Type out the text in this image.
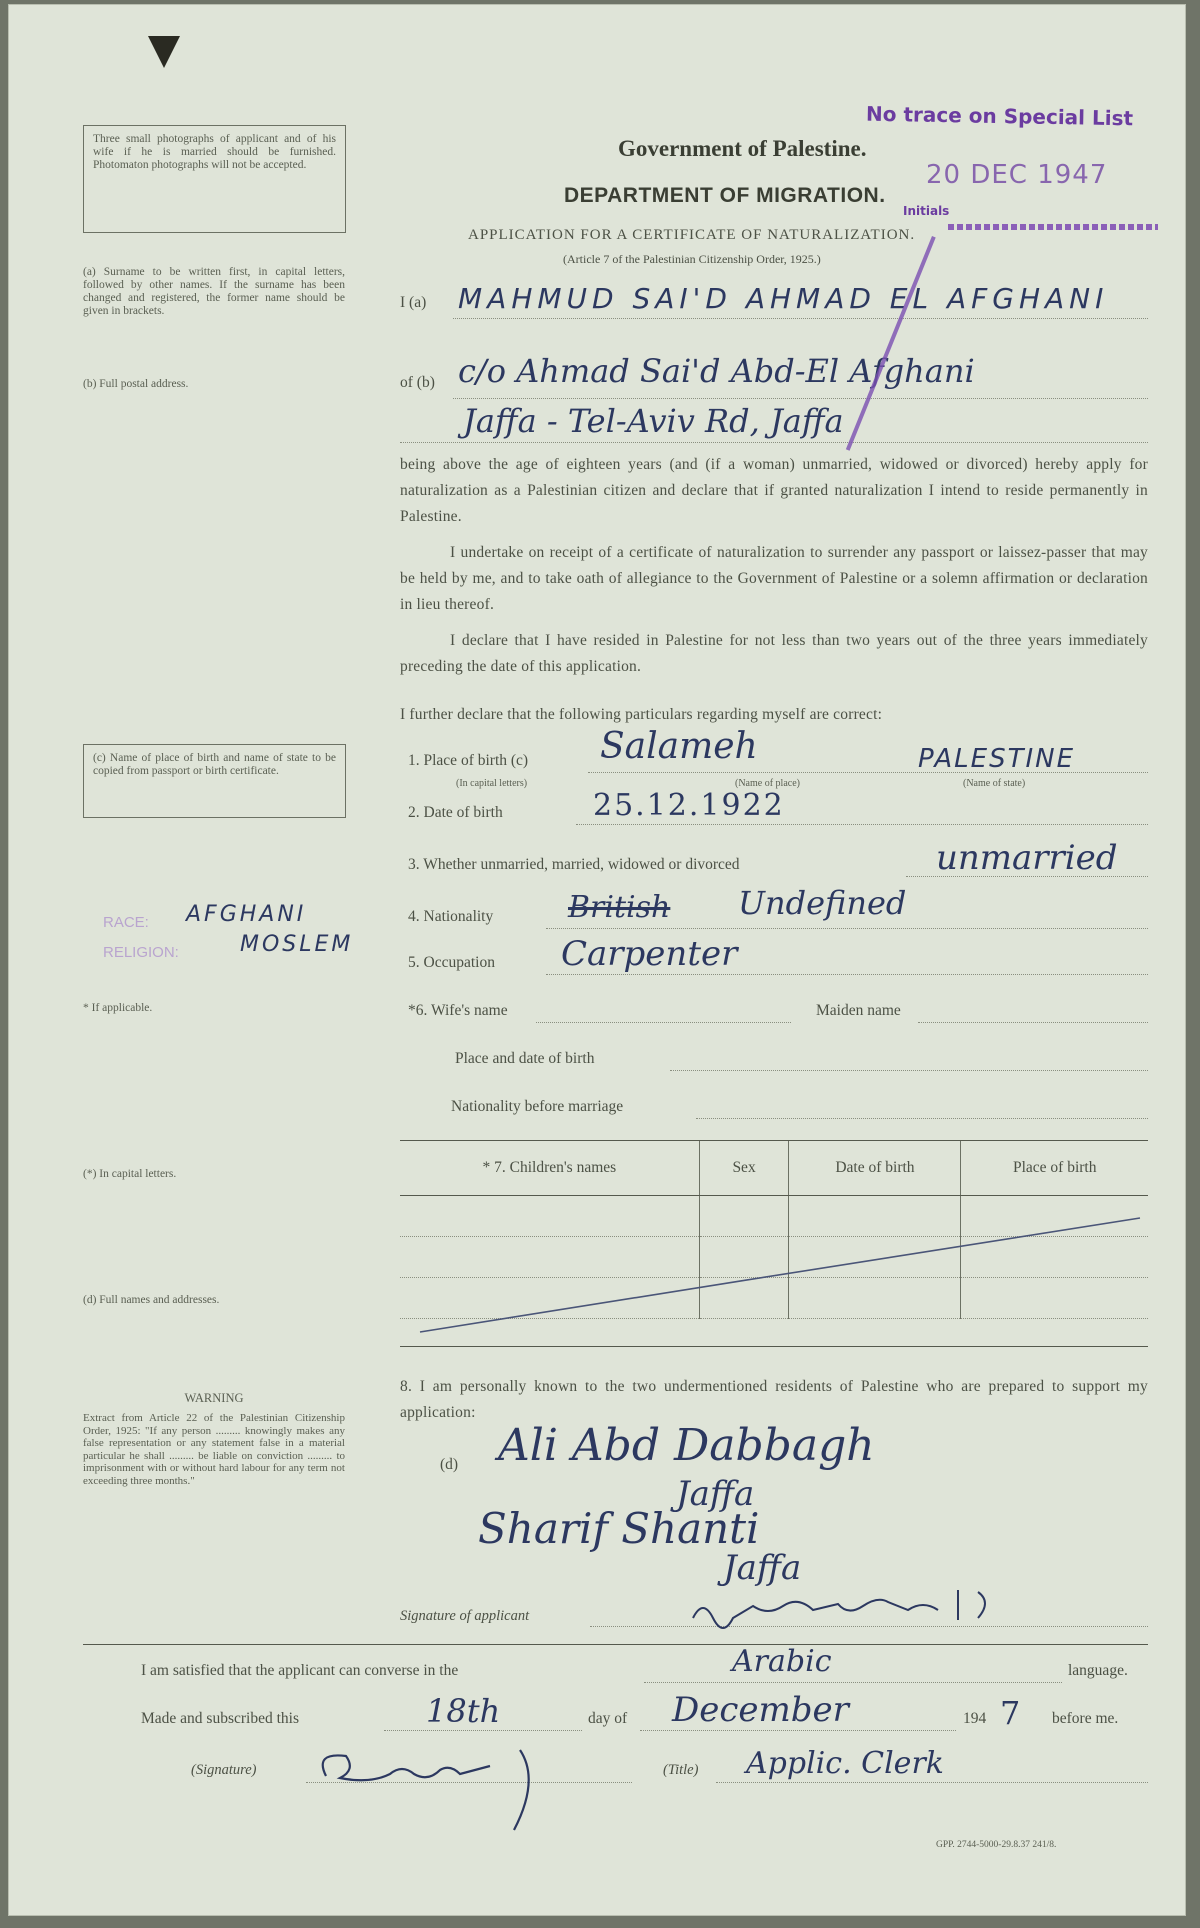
Government of Palestine.
DEPARTMENT OF MIGRATION.
APPLICATION FOR A CERTIFICATE OF NATURALIZATION.
(Article 7 of the Palestinian Citizenship Order, 1925.)
No trace on Special List
20 DEC 1947
Initials
Three small photographs of applicant and of his wife if he is married should be furnished. Photomaton photographs will not be accepted.
(a) Surname to be written first, in capital letters, followed by other names. If the surname has been changed and registered, the former name should be given in brackets.
(b) Full postal address.
I (a) MAHMUD SAI'D AHMAD EL AFGHANI
of (b) c/o Ahmad Sai'd Abd-El Afghani
Jaffa - Tel-Aviv Rd, Jaffa
being above the age of eighteen years (and (if a woman) unmarried, widowed or divorced) hereby apply for naturalization as a Palestinian citizen and declare that if granted naturalization I intend to reside permanently in Palestine.
I undertake on receipt of a certificate of naturalization to surrender any passport or laissez-passer that may be held by me, and to take oath of allegiance to the Government of Palestine or a solemn affirmation or declaration in lieu thereof.
I declare that I have resided in Palestine for not less than two years out of the three years immediately preceding the date of this application.
I further declare that the following particulars regarding myself are correct:
(c) Name of place of birth and name of state to be copied from passport or birth certificate.
1. Place of birth (c) Salameh	PALESTINE
(In capital letters)	(Name of place)	(Name of state)
2. Date of birth	25.12.1922
3. Whether unmarried, married, widowed or divorced	unmarried
RACE: AFGHANI
RELIGION:	MOSLEM
4. Nationality British Undefined
5. Occupation Carpenter
* If applicable.	*6. Wife's name	Maiden name
Place and date of birth
Nationality before marriage
* 7. Children's names	Sex	Date of birth	Place of birth

(*) In capital letters.
(d) Full names and addresses.
WARNING
Extract from Article 22 of the Palestinian Citizenship Order, 1925: "If any person ......... knowingly makes any false representation or any statement false in a material particular he shall ......... be liable on conviction ......... to imprisonment with or without hard labour for any term not exceeding three months."
8. I am personally known to the two undermentioned residents of Palestine who are prepared to support my application:
(d) Ali Abd Dabbagh
Jaffa
Sharif Shanti
Jaffa
Signature of applicant
I am satisfied that the applicant can converse in the	Arabic	language.
Made and subscribed this	18th	day of December	194 7 before me.
(Signature)	(Title) Applic. Clerk
GPP. 2744-5000-29.8.37 241/8.
